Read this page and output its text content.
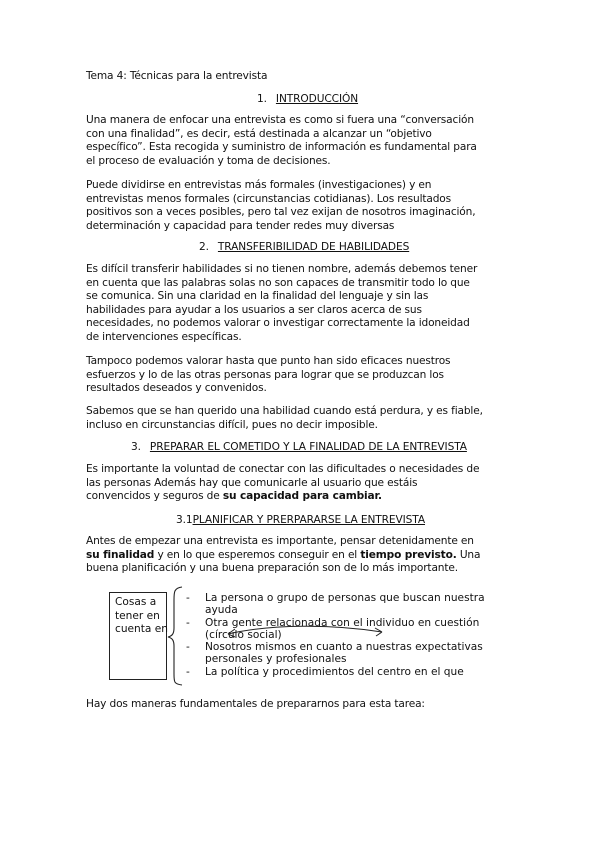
Tema 4: Técnicas para la entrevista
1. INTRODUCCIÓN
Una manera de enfocar una entrevista es como si fuera una “conversación
con una finalidad”, es decir, está destinada a alcanzar un “objetivo
específico”. Esta recogida y suministro de información es fundamental para
el proceso de evaluación y toma de decisiones.
Puede dividirse en entrevistas más formales (investigaciones) y en
entrevistas menos formales (circunstancias cotidianas). Los resultados
positivos son a veces posibles, pero tal vez exijan de nosotros imaginación,
determinación y capacidad para tender redes muy diversas
2. TRANSFERIBILIDAD DE HABILIDADES
Es difícil transferir habilidades si no tienen nombre, además debemos tener
en cuenta que las palabras solas no son capaces de transmitir todo lo que
se comunica. Sin una claridad en la finalidad del lenguaje y sin las
habilidades para ayudar a los usuarios a ser claros acerca de sus
necesidades, no podemos valorar o investigar correctamente la idoneidad
de intervenciones específicas.
Tampoco podemos valorar hasta que punto han sido eficaces nuestros
esfuerzos y lo de las otras personas para lograr que se produzcan los
resultados deseados y convenidos.
Sabemos que se han querido una habilidad cuando está perdura, y es fiable,
incluso en circunstancias difícil, pues no decir imposible.
3. PREPARAR EL COMETIDO Y LA FINALIDAD DE LA ENTREVISTA
Es importante la voluntad de conectar con las dificultades o necesidades de
las personas Además hay que comunicarle al usuario que estáis
convencidos y seguros de su capacidad para cambiar.
3.1PLANIFICAR Y PRERPARARSE LA ENTREVISTA
Antes de empezar una entrevista es importante, pensar detenidamente en
su finalidad y en lo que esperemos conseguir en el tiempo previsto. Una
buena planificación y una buena preparación son de lo más importante.
Cosas a
tener en
cuenta en
- La persona o grupo de personas que buscan nuestra
ayuda
- Otra gente relacionada con el individuo en cuestión
(círculo social)
- Nosotros mismos en cuanto a nuestras expectativas
personales y profesionales
- La política y procedimientos del centro en el que
Hay dos maneras fundamentales de prepararnos para esta tarea:
